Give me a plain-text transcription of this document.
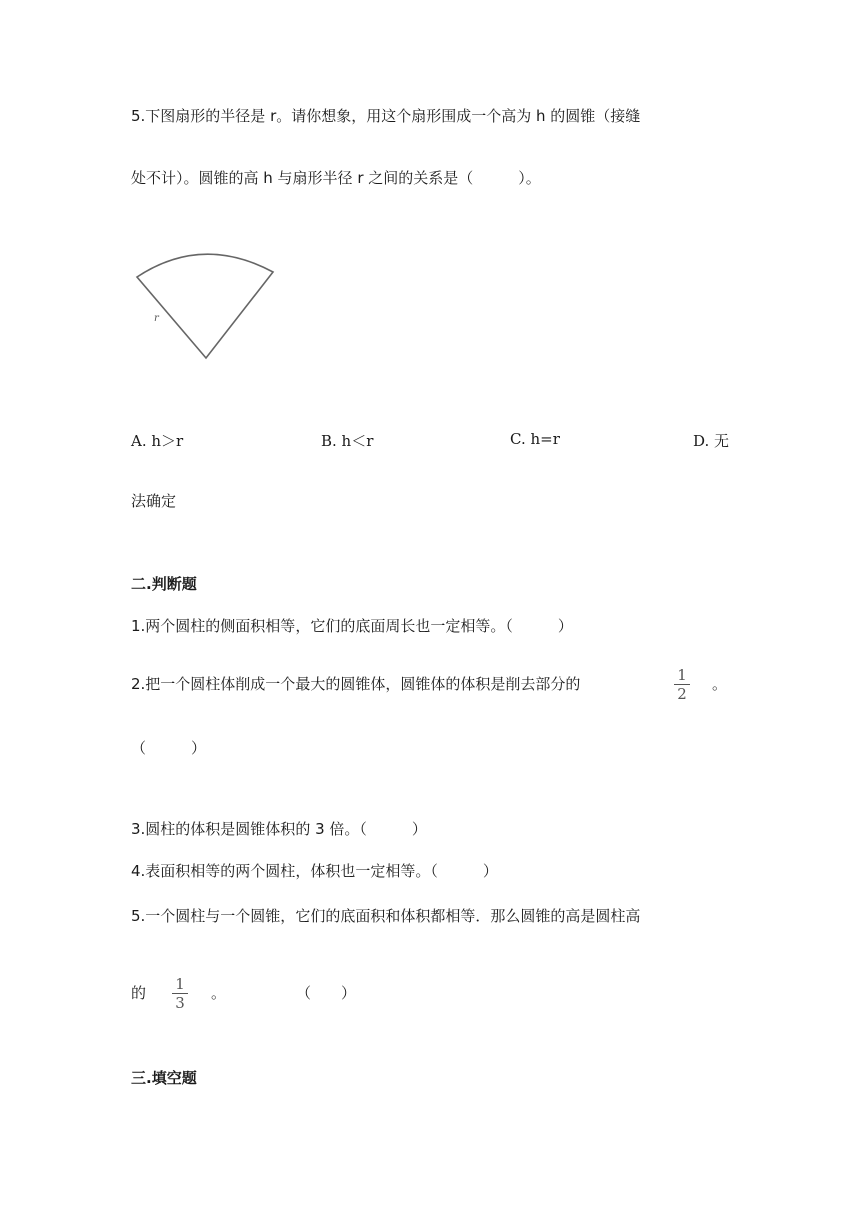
5.下图扇形的半径是 r。请你想象，用这个扇形围成一个高为 h 的圆锥（接缝
处不计）。圆锥的高 h 与扇形半径 r 之间的关系是（　　　）。
r
A. h＞r	B. h＜r	C. h=r	D. 无
法确定
二.判断题
1.两个圆柱的侧面积相等，它们的底面周长也一定相等。（　　　）
2.把一个圆柱体削成一个最大的圆锥体，圆锥体的体积是削去部分的	1
2
。
（　　　）
3.圆柱的体积是圆锥体积的 3 倍。（　　　）
4.表面积相等的两个圆柱，体积也一定相等。（　　　）
5.一个圆柱与一个圆锥，它们的底面积和体积都相等．那么圆锥的高是圆柱高
的	1
3
。	（　　）
三.填空题
